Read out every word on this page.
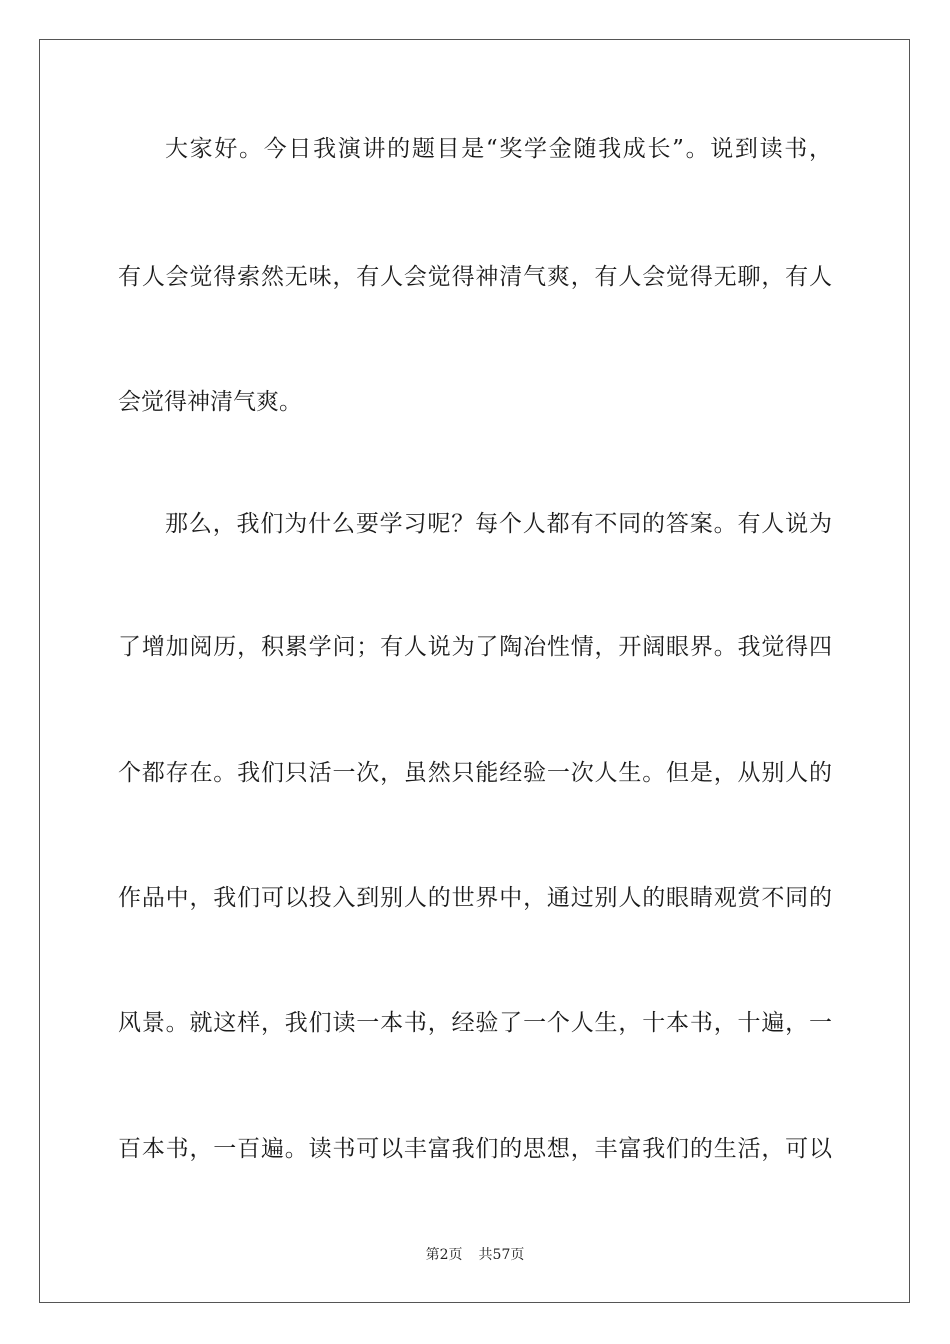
大家好。今日我演讲的题目是“奖学金随我成长”。说到读书，
有人会觉得索然无味，有人会觉得神清气爽，有人会觉得无聊，有人
会觉得神清气爽。
那么，我们为什么要学习呢？每个人都有不同的答案。有人说为
了增加阅历，积累学问；有人说为了陶冶性情，开阔眼界。我觉得四
个都存在。我们只活一次，虽然只能经验一次人生。但是，从别人的
作品中，我们可以投入到别人的世界中，通过别人的眼睛观赏不同的
风景。就这样，我们读一本书，经验了一个人生，十本书，十遍，一
百本书，一百遍。读书可以丰富我们的思想，丰富我们的生活，可以
第2页 共57页
